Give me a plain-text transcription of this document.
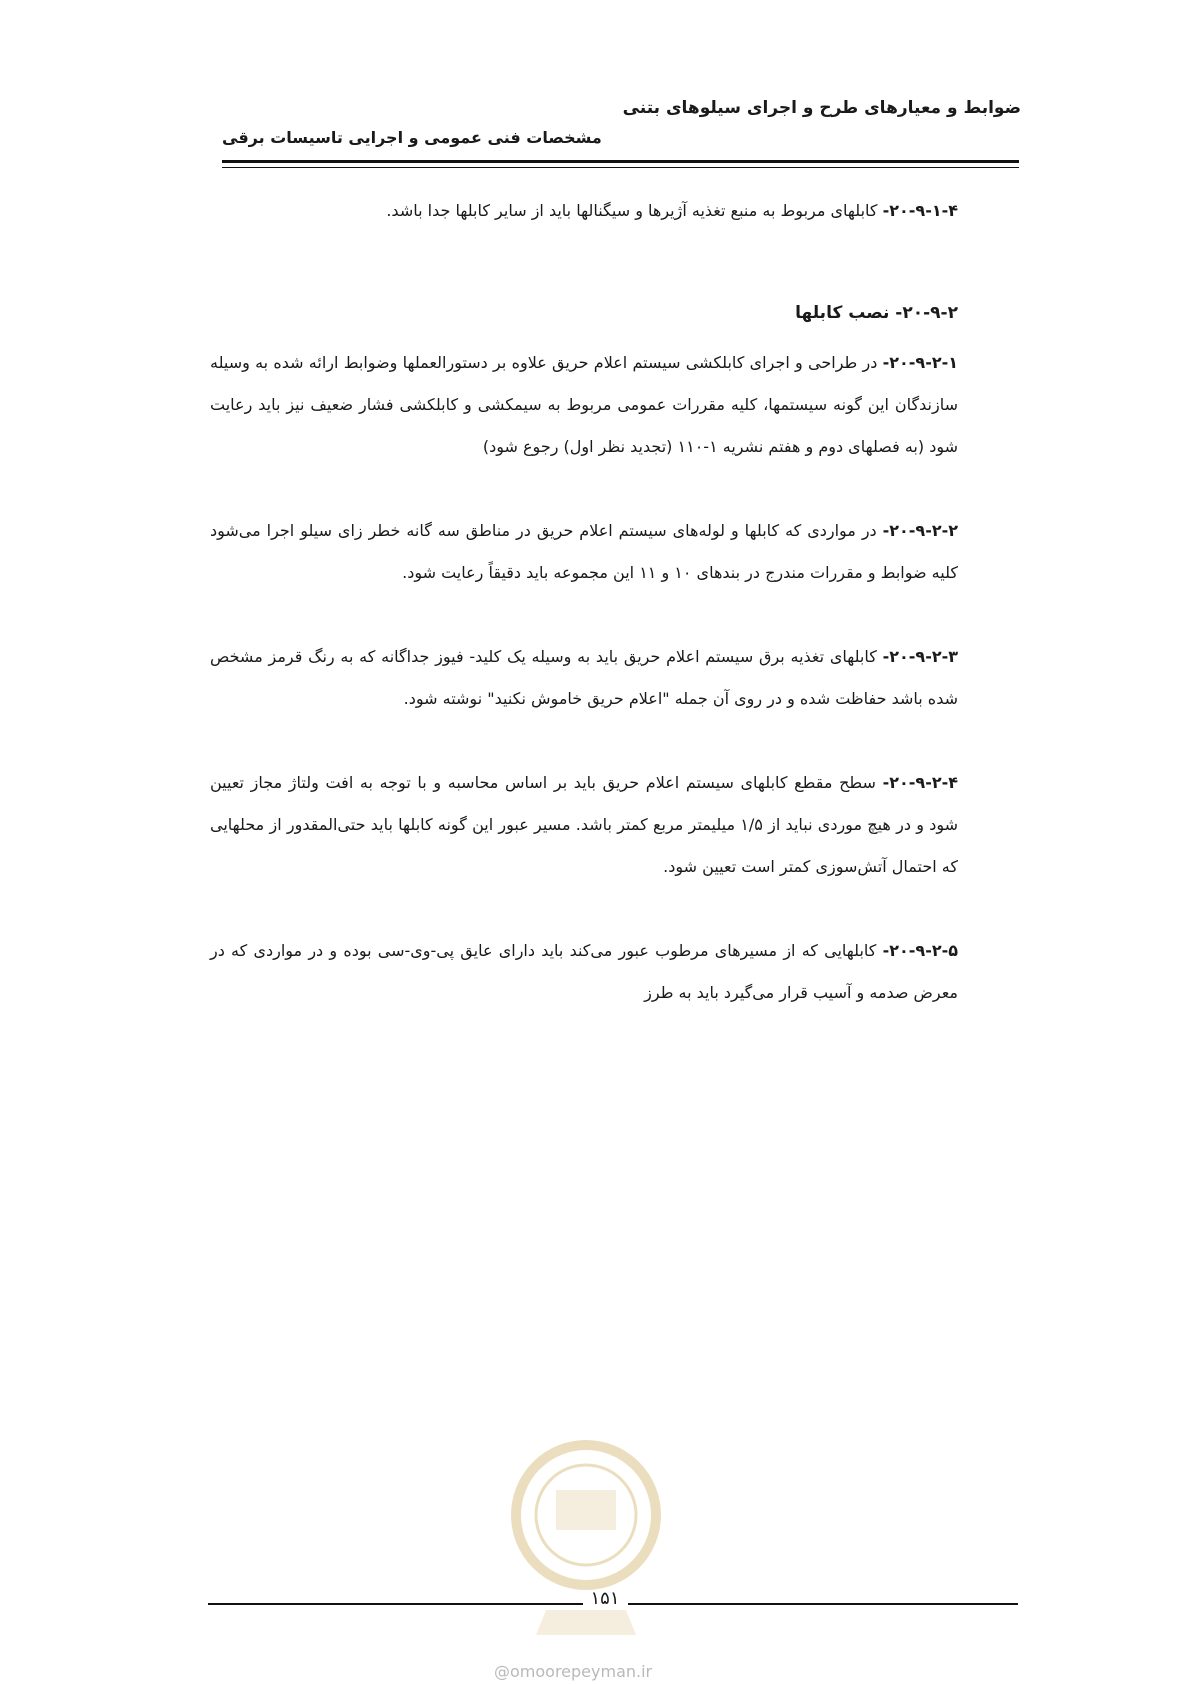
ضوابط و معیارهای طرح و اجرای سیلوهای بتنی
مشخصات فنی عمومی و اجرایی تاسیسات برقی

۲۰-۹-۱-۴- کابلهای مربوط به منبع تغذیه آژیرها و سیگنالها باید از سایر کابلها جدا باشد.

۲۰-۹-۲- نصب کابلها

۲۰-۹-۲-۱- در طراحی و اجرای کابلکشی سیستم اعلام حریق علاوه بر دستورالعملها وضوابط ارائه شده به وسیله سازندگان این گونه سیستمها، کلیه مقررات عمومی مربوط به سیمکشی و کابلکشی فشار ضعیف نیز باید رعایت شود (به فصلهای دوم و هفتم نشریه ۱-۱۱۰ (تجدید نظر اول) رجوع شود)

۲۰-۹-۲-۲- در مواردی که کابلها و لوله‌های سیستم اعلام حریق در مناطق سه گانه خطر زای سیلو اجرا می‌شود کلیه ضوابط و مقررات مندرج در بندهای ۱۰ و ۱۱ این مجموعه باید دقیقاً رعایت شود.

۲۰-۹-۲-۳- کابلهای تغذیه برق سیستم اعلام حریق باید به وسیله یک کلید- فیوز جداگانه که به رنگ قرمز مشخص شده باشد حفاظت شده و در روی آن جمله "اعلام حریق خاموش نکنید" نوشته شود.

۲۰-۹-۲-۴- سطح مقطع کابلهای سیستم اعلام حریق باید بر اساس محاسبه و با توجه به افت ولتاژ مجاز تعیین شود و در هیچ موردی نباید از ۱/۵ میلیمتر مربع کمتر باشد. مسیر عبور این گونه کابلها باید حتی‌المقدور از محلهایی که احتمال آتش‌سوزی کمتر است تعیین شود.

۲۰-۹-۲-۵- کابلهایی که از مسیرهای مرطوب عبور می‌کند باید دارای عایق پی-وی-سی بوده و در مواردی که در معرض صدمه و آسیب قرار می‌گیرد باید به طرز

۱۵۱
@omoorepeyman.ir
